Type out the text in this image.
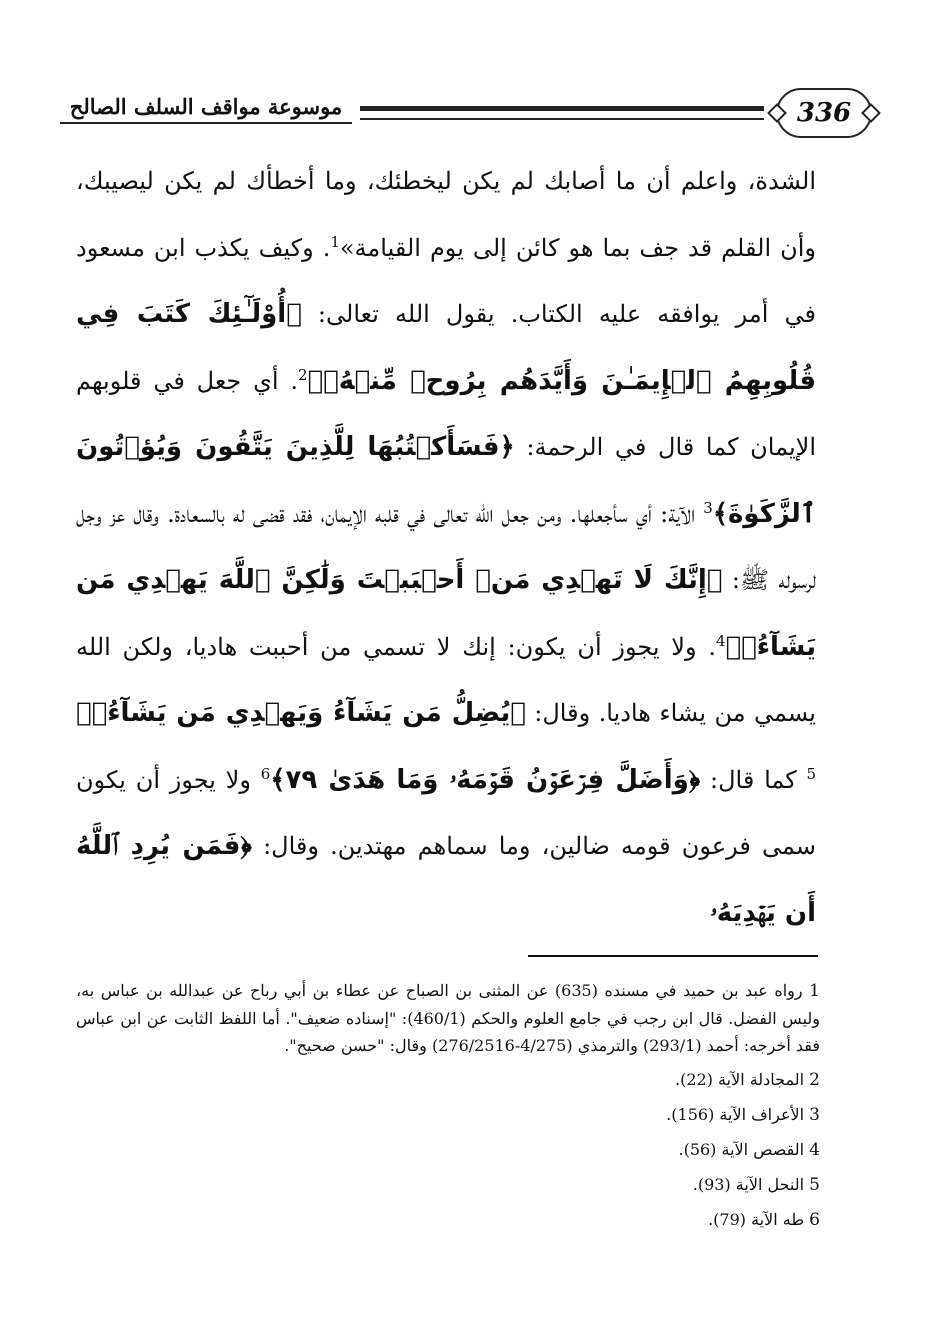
336
موسوعة مواقف السلف الصالح

الشدة، واعلم أن ما أصابك لم يكن ليخطئك، وما أخطأك لم يكن ليصيبك، وأن القلم قد جف بما هو كائن إلى يوم القيامة»$^1$. وكيف يكذب ابن مسعود في أمر يوافقه عليه الكتاب. يقول الله تعالى: ﴿أُوْلَـٰٓئِكَ كَتَبَ فِي قُلُوبِهِمُ ٱلۡإِيمَـٰنَ وَأَيَّدَهُم بِرُوحٖ مِّنۡهُۖ﴾$^2$. أي جعل في قلوبهم الإيمان كما قال في الرحمة: ﴿فَسَأَكۡتُبُهَا لِلَّذِينَ يَتَّقُونَ وَيُؤۡتُونَ ٱلزَّكَوٰةَ﴾$^3$ الآية: أي سأجعلها. ومن جعل الله تعالى في قلبه الإيمان، فقد قضى له بالسعادة. وقال عز وجل لرسوله ﷺ: ﴿إِنَّكَ لَا تَهۡدِي مَنۡ أَحۡبَبۡتَ وَلَٰكِنَّ ٱللَّهَ يَهۡدِي مَن يَشَآءُۚ﴾$^4$. ولا يجوز أن يكون: إنك لا تسمي من أحببت هاديا، ولكن الله يسمي من يشاء هاديا. وقال: ﴿يُضِلُّ مَن يَشَآءُ وَيَهۡدِي مَن يَشَآءُۖ﴾$^5$ كما قال: ﴿وَأَضَلَّ فِرۡعَوۡنُ قَوۡمَهُۥ وَمَا هَدَىٰ ٧٩﴾$^6$ ولا يجوز أن يكون سمى فرعون قومه ضالين، وما سماهم مهتدين. وقال: ﴿فَمَن يُرِدِ ٱللَّهُ أَن يَهۡدِيَهُۥ

1 رواه عبد بن حميد في مسنده (635) عن المثنى بن الصباح عن عطاء بن أبي رباح عن عبدالله بن عباس به، وليس الفضل. قال ابن رجب في جامع العلوم والحكم (460/1): "إسناده ضعيف". أما اللفظ الثابت عن ابن عباس فقد أخرجه: أحمد (293/1) والترمذي (4/275-276/2516) وقال: "حسن صحيح".

2 المجادلة الآية (22).

3 الأعراف الآية (156).

4 القصص الآية (56).

5 النحل الآية (93).

6 طه الآية (79).
